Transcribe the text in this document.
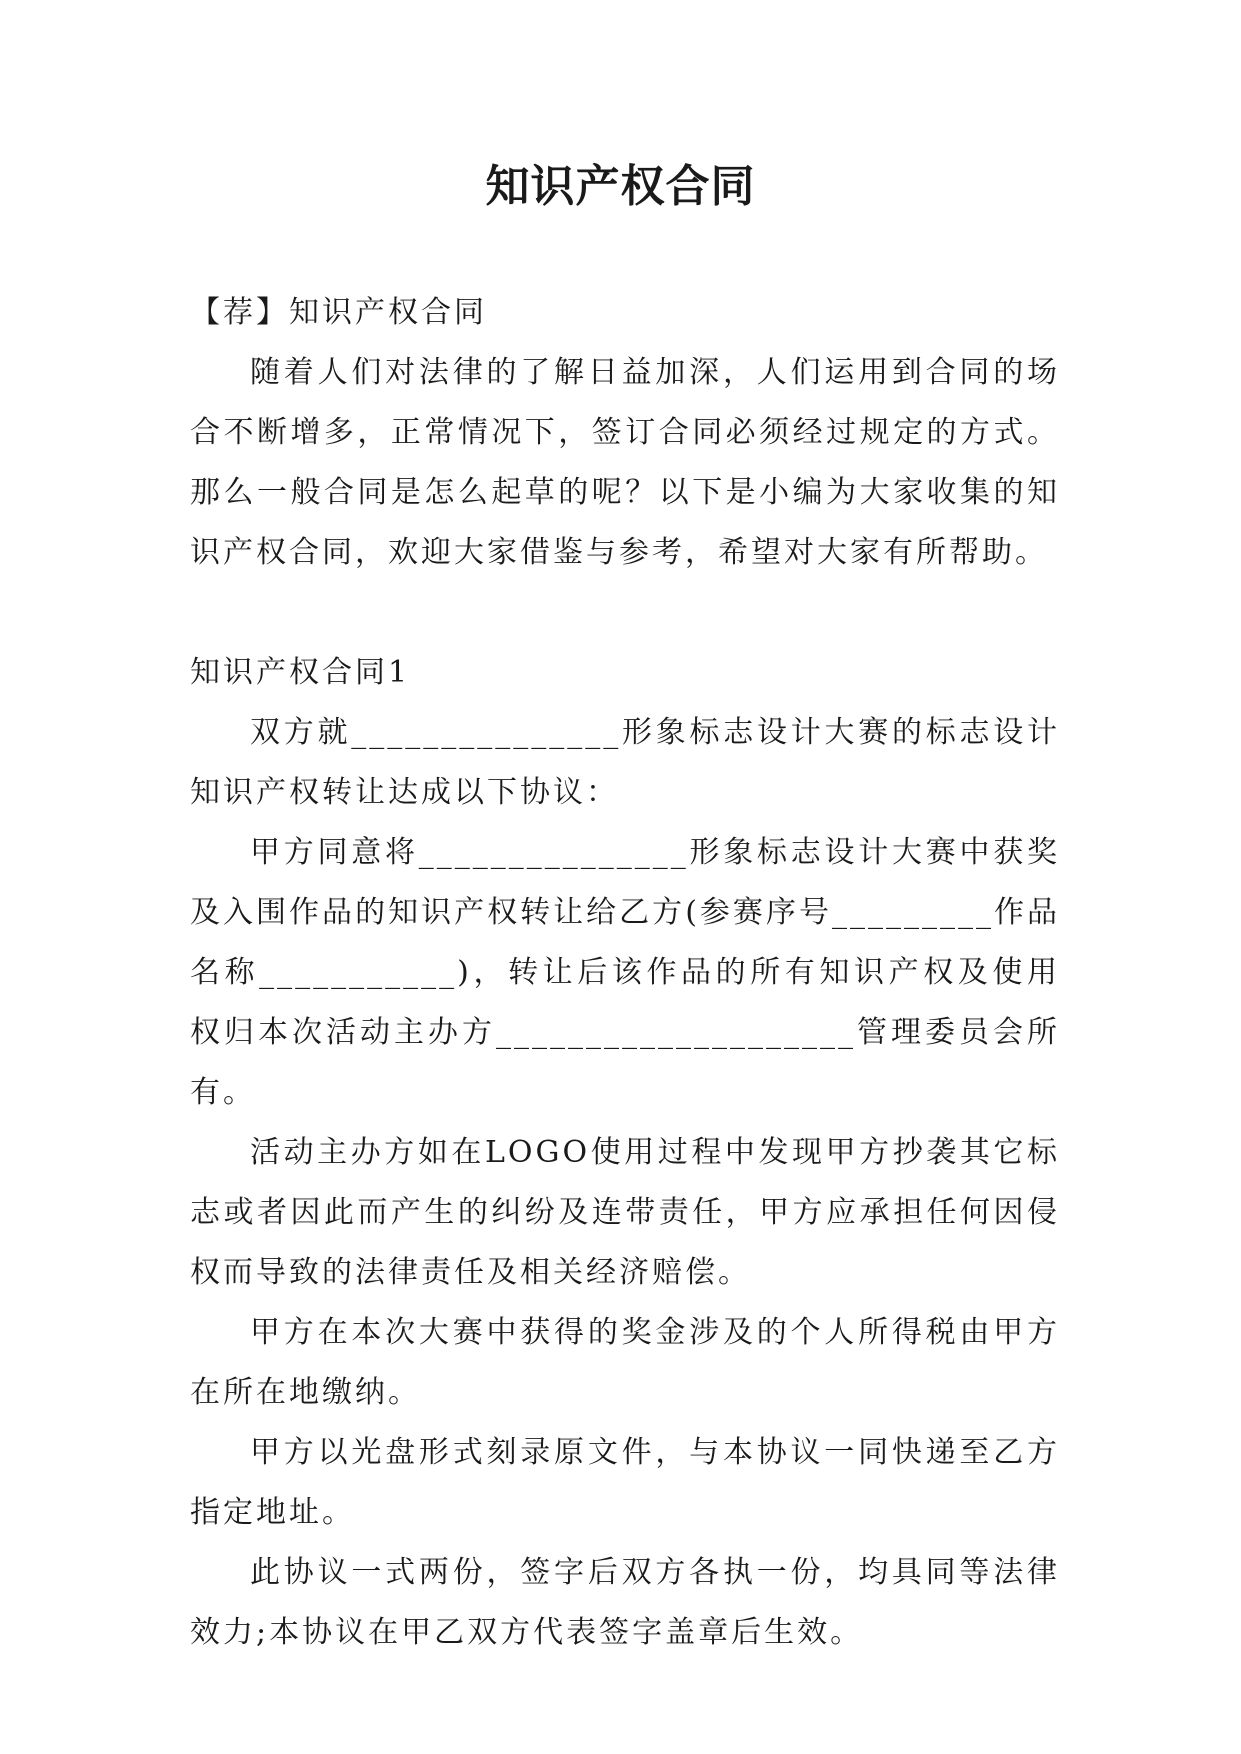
知识产权合同

【荐】知识产权合同

随着人们对法律的了解日益加深，人们运用到合同的场合不断增多，正常情况下，签订合同必须经过规定的方式。那么一般合同是怎么起草的呢？以下是小编为大家收集的知识产权合同，欢迎大家借鉴与参考，希望对大家有所帮助。

知识产权合同1

双方就_______________形象标志设计大赛的标志设计知识产权转让达成以下协议：

甲方同意将_______________形象标志设计大赛中获奖及入围作品的知识产权转让给乙方(参赛序号_________作品名称___________)，转让后该作品的所有知识产权及使用权归本次活动主办方____________________管理委员会所有。

活动主办方如在LOGO使用过程中发现甲方抄袭其它标志或者因此而产生的纠纷及连带责任，甲方应承担任何因侵权而导致的法律责任及相关经济赔偿。

甲方在本次大赛中获得的奖金涉及的个人所得税由甲方在所在地缴纳。

甲方以光盘形式刻录原文件，与本协议一同快递至乙方指定地址。

此协议一式两份，签字后双方各执一份，均具同等法律效力;本协议在甲乙双方代表签字盖章后生效。
